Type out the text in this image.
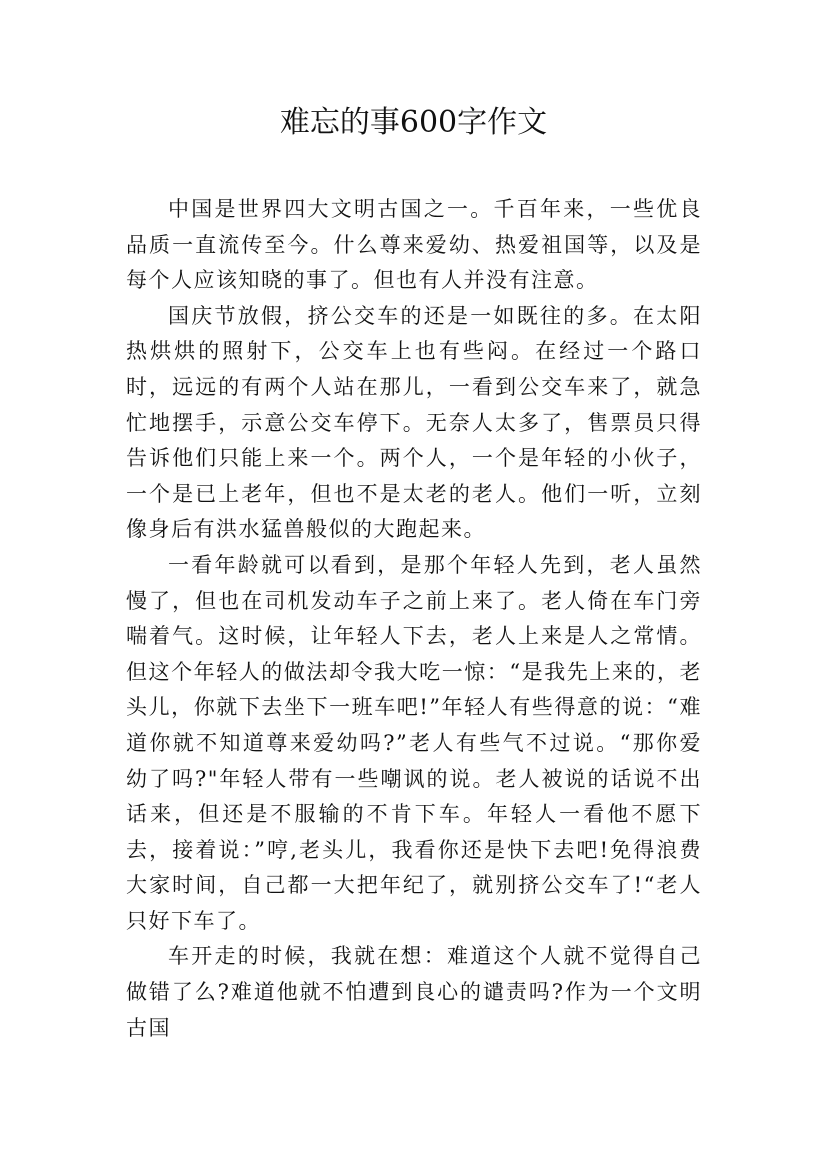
难忘的事600字作文

中国是世界四大文明古国之一。千百年来，一些优良品质一直流传至今。什么尊来爱幼、热爱祖国等，以及是每个人应该知晓的事了。但也有人并没有注意。

国庆节放假，挤公交车的还是一如既往的多。在太阳热烘烘的照射下，公交车上也有些闷。在经过一个路口时，远远的有两个人站在那儿，一看到公交车来了，就急忙地摆手，示意公交车停下。无奈人太多了，售票员只得告诉他们只能上来一个。两个人，一个是年轻的小伙子，一个是已上老年，但也不是太老的老人。他们一听，立刻像身后有洪水猛兽般似的大跑起来。

一看年龄就可以看到，是那个年轻人先到，老人虽然慢了，但也在司机发动车子之前上来了。老人倚在车门旁喘着气。这时候，让年轻人下去，老人上来是人之常情。但这个年轻人的做法却令我大吃一惊：“是我先上来的，老头儿，你就下去坐下一班车吧!”年轻人有些得意的说：“难道你就不知道尊来爱幼吗?”老人有些气不过说。“那你爱幼了吗?"年轻人带有一些嘲讽的说。老人被说的话说不出话来，但还是不服输的不肯下车。年轻人一看他不愿下去，接着说：”哼,老头儿，我看你还是快下去吧!免得浪费大家时间，自己都一大把年纪了，就别挤公交车了!“老人只好下车了。

车开走的时候，我就在想：难道这个人就不觉得自己做错了么?难道他就不怕遭到良心的谴责吗?作为一个文明古国
